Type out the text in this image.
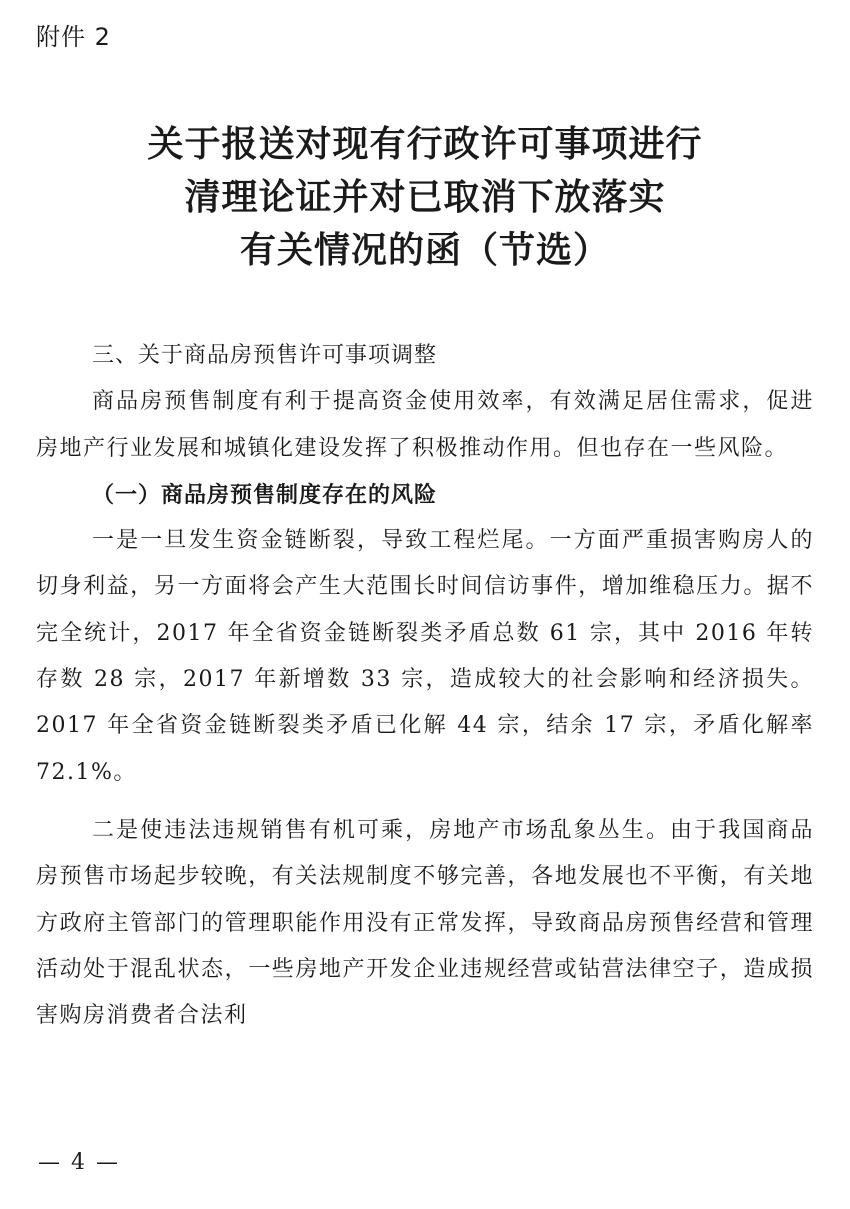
附件 2
关于报送对现有行政许可事项进行
清理论证并对已取消下放落实
有关情况的函（节选）

三、关于商品房预售许可事项调整

商品房预售制度有利于提高资金使用效率，有效满足居住需求，促进房地产行业发展和城镇化建设发挥了积极推动作用。但也存在一些风险。

（一）商品房预售制度存在的风险

一是一旦发生资金链断裂，导致工程烂尾。一方面严重损害购房人的切身利益，另一方面将会产生大范围长时间信访事件，增加维稳压力。据不完全统计，2017 年全省资金链断裂类矛盾总数 61 宗，其中 2016 年转存数 28 宗，2017 年新增数 33 宗，造成较大的社会影响和经济损失。2017 年全省资金链断裂类矛盾已化解 44 宗，结余 17 宗，矛盾化解率 72.1%。

二是使违法违规销售有机可乘，房地产市场乱象丛生。由于我国商品房预售市场起步较晚，有关法规制度不够完善，各地发展也不平衡，有关地方政府主管部门的管理职能作用没有正常发挥，导致商品房预售经营和管理活动处于混乱状态，一些房地产开发企业违规经营或钻营法律空子，造成损害购房消费者合法利

— 4 —
